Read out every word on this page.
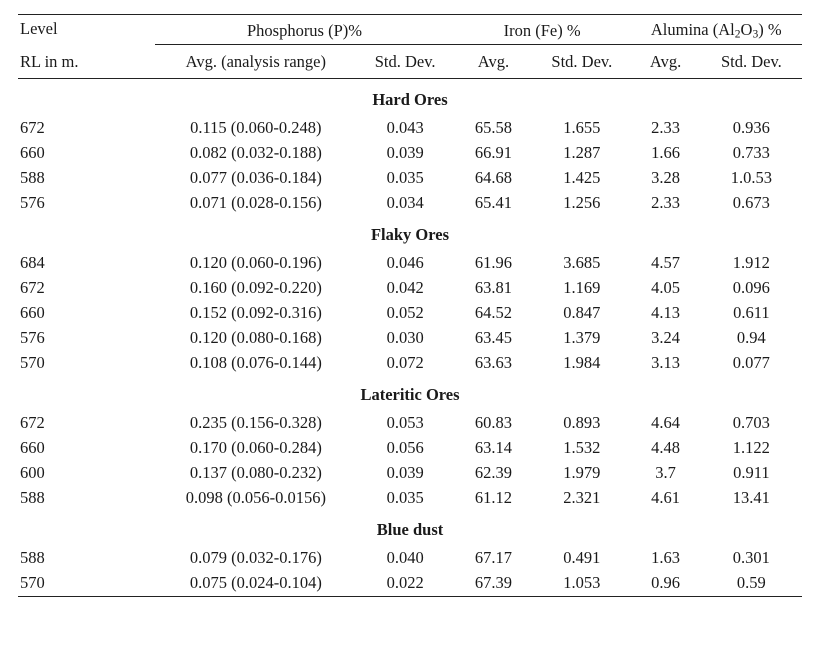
Level	Phosphorus (P)%		Iron (Fe) %		Alumina $(Al_2O_3)$ %	
RL in m.	Avg. (analysis range)	Std. Dev.	Avg.	Std. Dev.	Avg.	Std. Dev.
Hard Ores						
672	0.115 (0.060-0.248)	0.043	65.58	1.655	2.33	0.936
660	0.082 (0.032-0.188)	0.039	66.91	1.287	1.66	0.733
588	0.077 (0.036-0.184)	0.035	64.68	1.425	3.28	1.0.53
576	0.071 (0.028-0.156)	0.034	65.41	1.256	2.33	0.673
Flaky Ores						
684	0.120 (0.060-0.196)	0.046	61.96	3.685	4.57	1.912
672	0.160 (0.092-0.220)	0.042	63.81	1.169	4.05	0.096
660	0.152 (0.092-0.316)	0.052	64.52	0.847	4.13	0.611
576	0.120 (0.080-0.168)	0.030	63.45	1.379	3.24	0.94
570	0.108 (0.076-0.144)	0.072	63.63	1.984	3.13	0.077
Lateritic Ores						
672	0.235 (0.156-0.328)	0.053	60.83	0.893	4.64	0.703
660	0.170 (0.060-0.284)	0.056	63.14	1.532	4.48	1.122
600	0.137 (0.080-0.232)	0.039	62.39	1.979	3.7	0.911
588	0.098 (0.056-0.0156)	0.035	61.12	2.321	4.61	13.41
Blue dust						
588	0.079 (0.032-0.176)	0.040	67.17	0.491	1.63	0.301
570	0.075 (0.024-0.104)	0.022	67.39	1.053	0.96	0.59
